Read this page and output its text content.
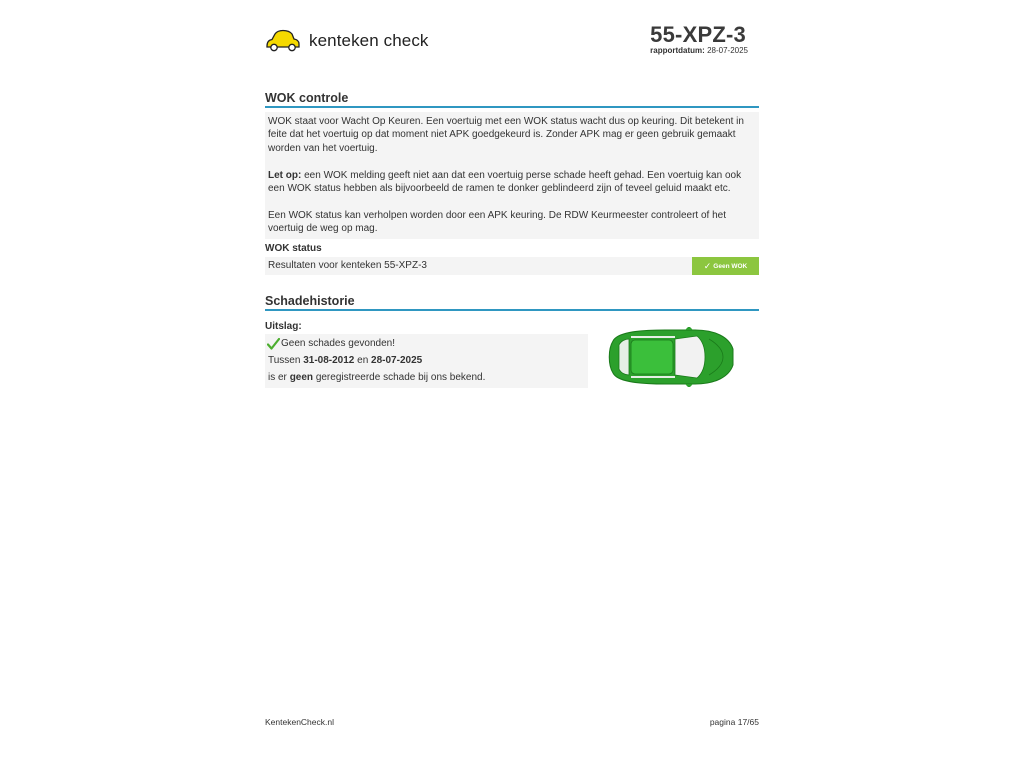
kenteken check	55-XPZ-3
rapportdatum: 28-07-2025
WOK controle

WOK staat voor Wacht Op Keuren. Een voertuig met een WOK status wacht dus op keuring. Dit betekent in feite dat het voertuig op dat moment niet APK goedgekeurd is. Zonder APK mag er geen gebruik gemaakt worden van het voertuig.

Let op: een WOK melding geeft niet aan dat een voertuig perse schade heeft gehad. Een voertuig kan ook een WOK status hebben als bijvoorbeeld de ramen te donker geblindeerd zijn of teveel geluid maakt etc.

Een WOK status kan verholpen worden door een APK keuring. De RDW Keurmeester controleert of het voertuig de weg op mag.

WOK status
Resultaten voor kenteken 55-XPZ-3	✓ Geen WOK
Schadehistorie
Uitslag:
Geen schades gevonden!
Tussen 31-08-2012 en 28-07-2025
is er geen geregistreerde schade bij ons bekend.
KentekenCheck.nl	pagina 17/65
